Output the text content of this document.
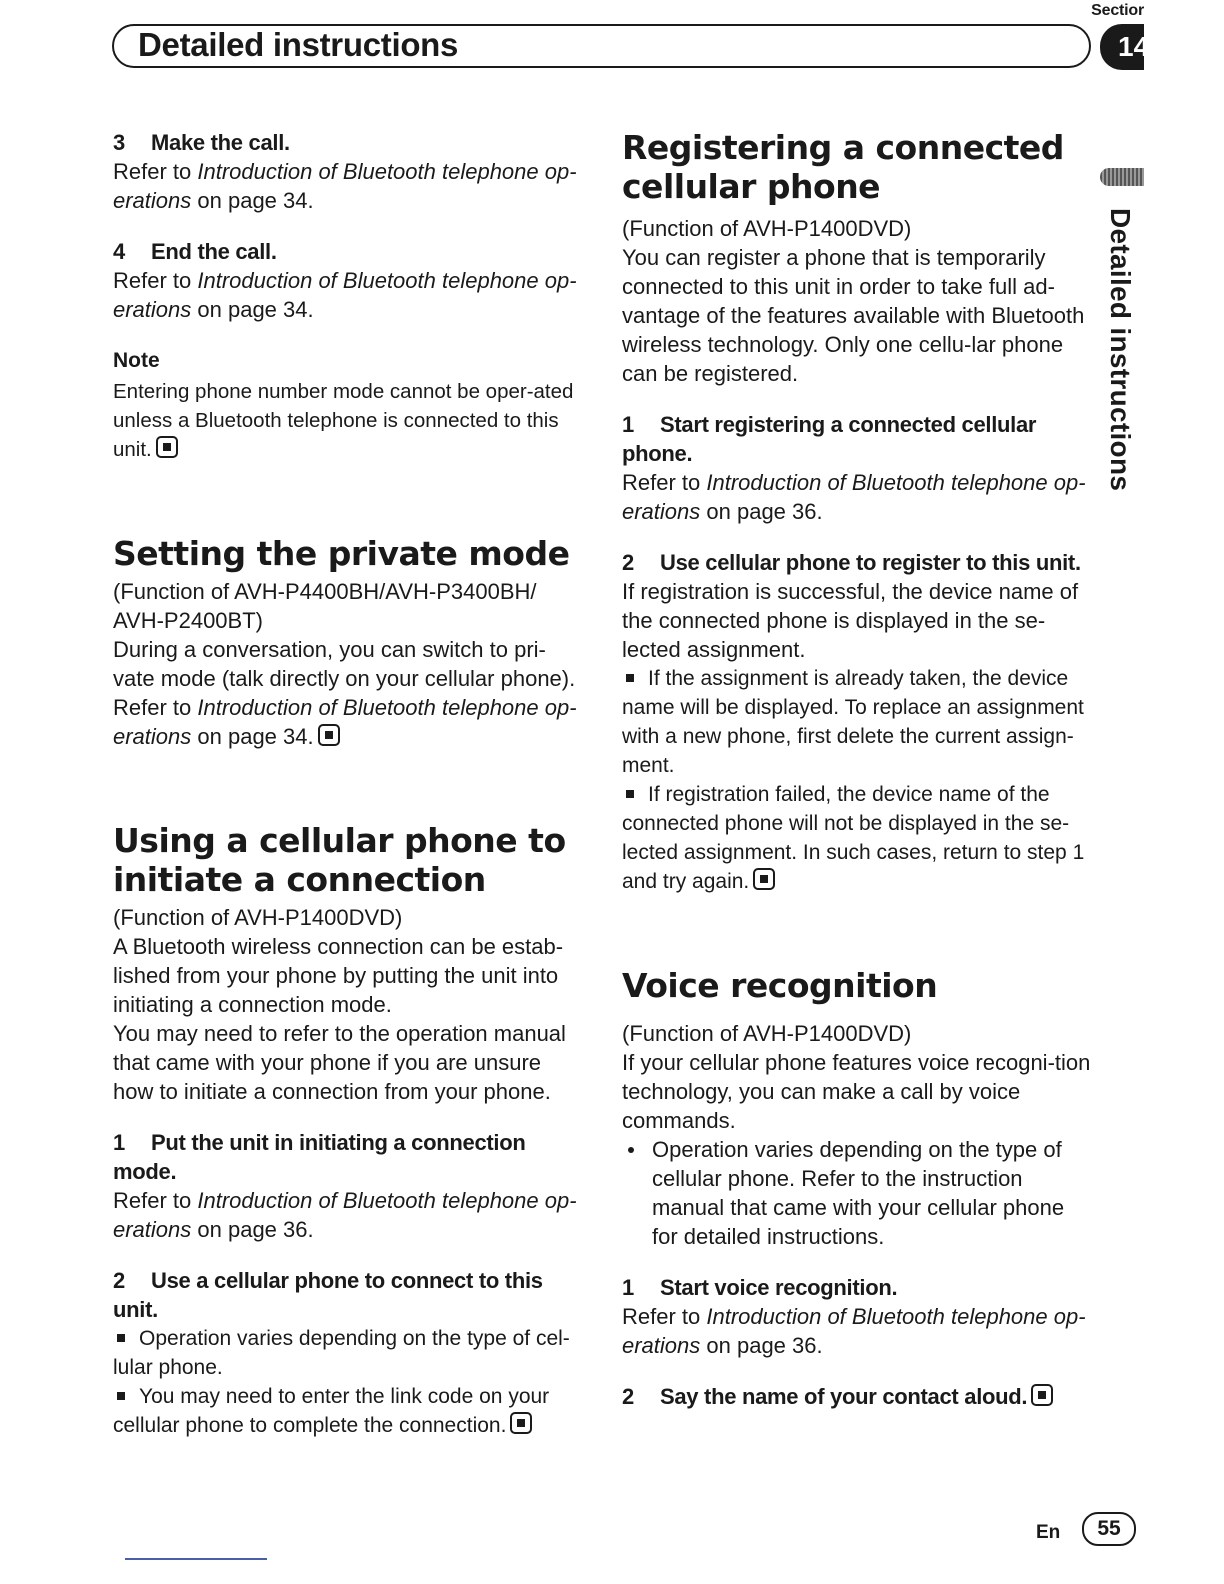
Sectior
Detailed instructions	14
Detailed instructions

3 Make the call.

Refer to Introduction of Bluetooth telephone op-erations on page 34.

4 End the call.

Refer to Introduction of Bluetooth telephone op-erations on page 34.

Note

Entering phone number mode cannot be oper-ated unless a Bluetooth telephone is connected to this unit.

Setting the private mode

(Function of AVH-P4400BH/AVH-P3400BH/ AVH-P2400BT)

During a conversation, you can switch to pri-vate mode (talk directly on your cellular phone).

Refer to Introduction of Bluetooth telephone op-erations on page 34.

Using a cellular phone to initiate a connection

(Function of AVH-P1400DVD)

A Bluetooth wireless connection can be estab-lished from your phone by putting the unit into initiating a connection mode.

You may need to refer to the operation manual that came with your phone if you are unsure how to initiate a connection from your phone.

1 Put the unit in initiating a connection mode.

Refer to Introduction of Bluetooth telephone op-erations on page 36.

2 Use a cellular phone to connect to this unit.

Operation varies depending on the type of cel-lular phone.

You may need to enter the link code on your cellular phone to complete the connection.

Registering a connected cellular phone

(Function of AVH-P1400DVD)

You can register a phone that is temporarily connected to this unit in order to take full ad-vantage of the features available with Bluetooth wireless technology. Only one cellu-lar phone can be registered.

1 Start registering a connected cellular phone.

Refer to Introduction of Bluetooth telephone op-erations on page 36.

2 Use cellular phone to register to this unit.

If registration is successful, the device name of the connected phone is displayed in the se-lected assignment.

If the assignment is already taken, the device name will be displayed. To replace an assignment with a new phone, first delete the current assign-ment.

If registration failed, the device name of the connected phone will not be displayed in the se-lected assignment. In such cases, return to step 1 and try again.

Voice recognition

(Function of AVH-P1400DVD)

If your cellular phone features voice recogni-tion technology, you can make a call by voice commands.

Operation varies depending on the type of cellular phone. Refer to the instruction manual that came with your cellular phone for detailed instructions.

1 Start voice recognition.

Refer to Introduction of Bluetooth telephone op-erations on page 36.

2 Say the name of your contact aloud.

En	55
